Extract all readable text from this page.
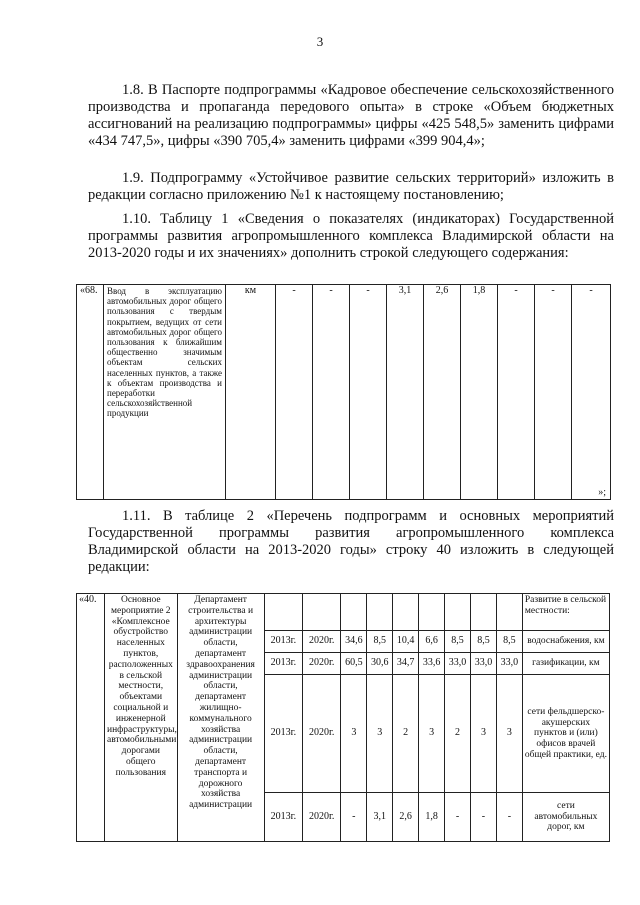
3
1.8. В Паспорте подпрограммы «Кадровое обеспечение сельскохозяйственного производства и пропаганда передового опыта» в строке «Объем бюджетных ассигнований на реализацию подпрограммы» цифры «425 548,5» заменить цифрами «434 747,5», цифры «390 705,4» заменить цифрами «399 904,4»;
1.9. Подпрограмму «Устойчивое развитие сельских территорий» изложить в редакции согласно приложению №1 к настоящему постановлению;
1.10. Таблицу 1 «Сведения о показателях (индикаторах) Государственной программы развития агропромышленного комплекса Владимирской области на 2013-2020 годы и их значениях» дополнить строкой следующего содержания:
«68.	Ввод в эксплуатацию автомобильных дорог общего пользования с твердым покрытием, ведущих от сети автомобильных дорог общего пользования к ближайшим общественно значимым объектам сельских населенных пунктов, а также к объектам производства и переработки сельскохозяйственной продукции	км	-	-	-	3,1	2,6	1,8	-	-	-
»;
1.11. В таблице 2 «Перечень подпрограмм и основных мероприятий Государственной программы развития агропромышленного комплекса Владимирской области на 2013-2020 годы» строку 40 изложить в следующей редакции:
«40.	Основное мероприятие 2 «Комплексное обустройство населенных пунктов, расположенных в сельской местности, объектами социальной и инженерной инфраструктуры, автомобильными дорогами общего пользования	Департамент строительства и архитектуры администрации области, департамент здравоохранения администрации области, департамент жилищно-коммунального хозяйства администрации области, департамент транспорта и дорожного хозяйства администрации										Развитие в сельской местности:
			2013г.	2020г.	34,6	8,5	10,4	6,6	8,5	8,5	8,5	водоснабжения, км
			2013г.	2020г.	60,5	30,6	34,7	33,6	33,0	33,0	33,0	газификации, км
			2013г.	2020г.	3	3	2	3	2	3	3	сети фельдшерско-акушерских пунктов и (или) офисов врачей общей практики, ед.
			2013г.	2020г.	-	3,1	2,6	1,8	-	-	-	сети автомобильных дорог, км
